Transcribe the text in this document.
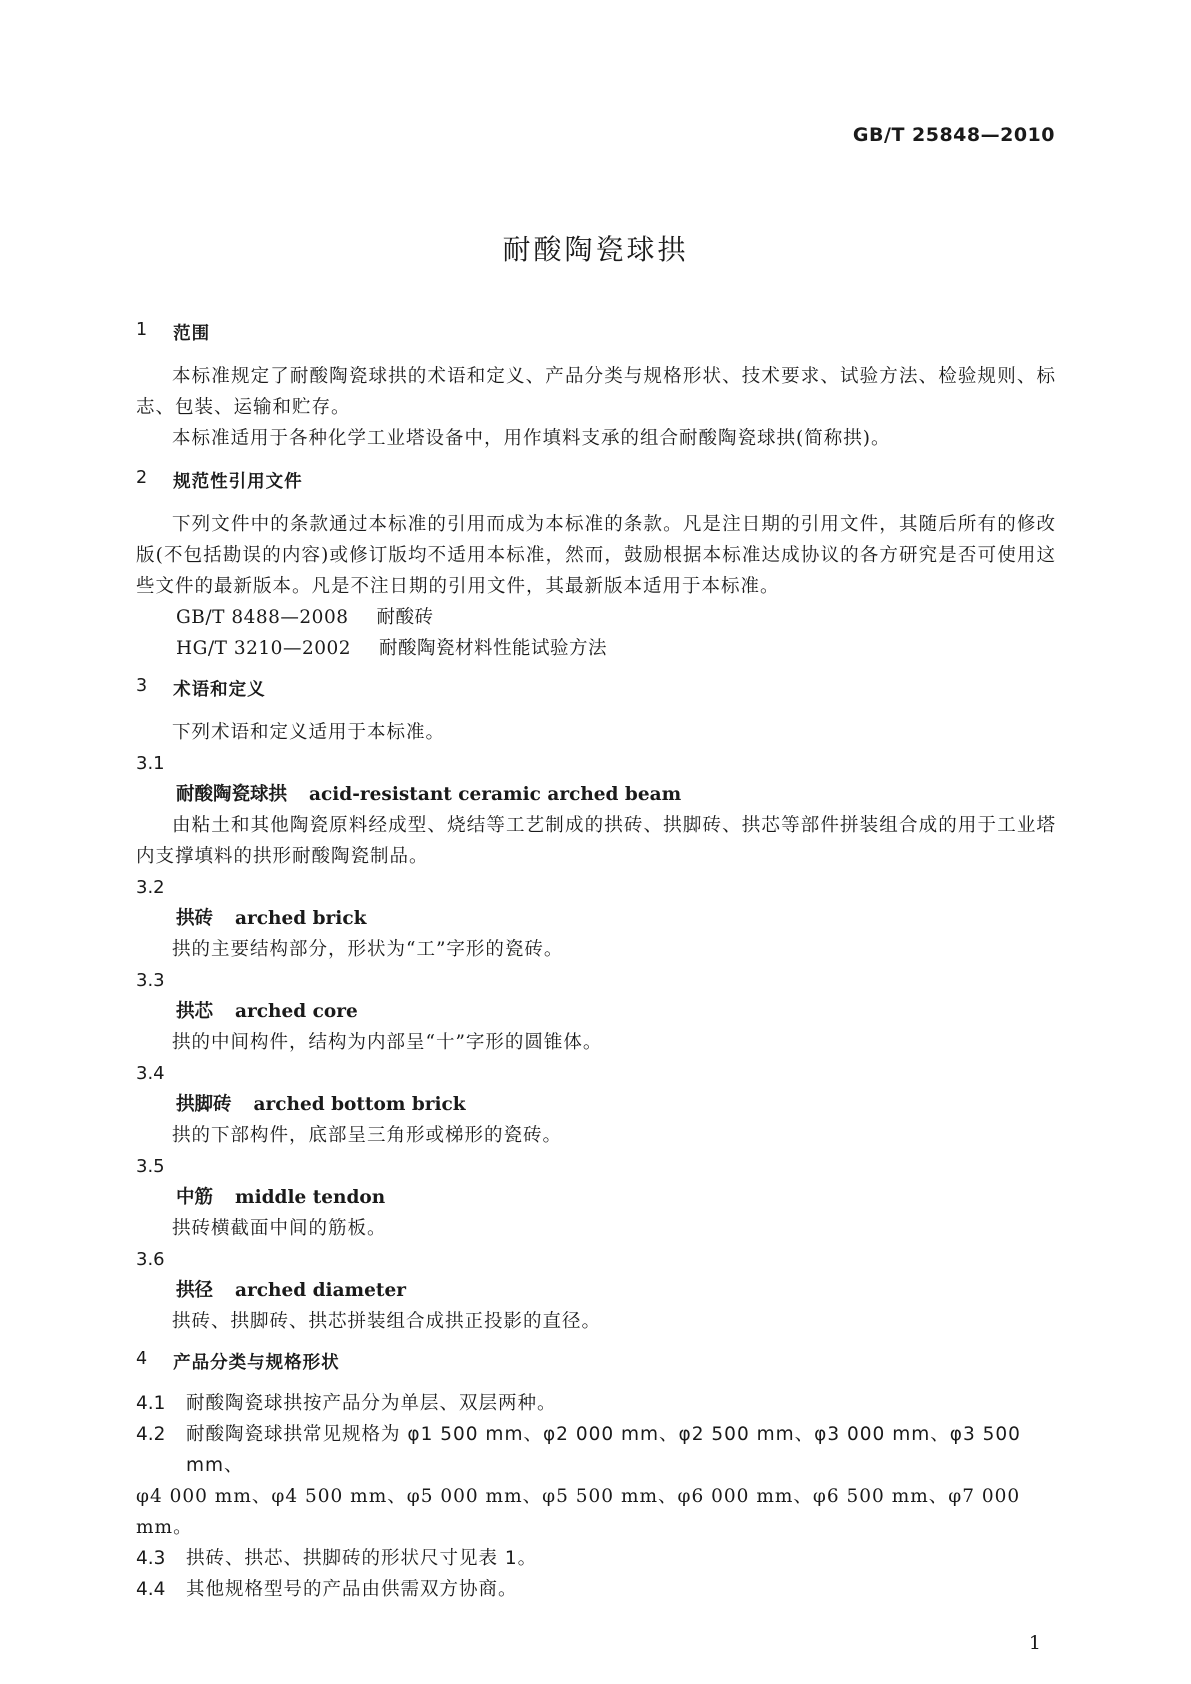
GB/T 25848—2010
耐酸陶瓷球拱
1 范围

本标准规定了耐酸陶瓷球拱的术语和定义、产品分类与规格形状、技术要求、试验方法、检验规则、标志、包装、运输和贮存。

本标准适用于各种化学工业塔设备中，用作填料支承的组合耐酸陶瓷球拱(简称拱)。

2 规范性引用文件

下列文件中的条款通过本标准的引用而成为本标准的条款。凡是注日期的引用文件，其随后所有的修改版(不包括勘误的内容)或修订版均不适用本标准，然而，鼓励根据本标准达成协议的各方研究是否可使用这些文件的最新版本。凡是不注日期的引用文件，其最新版本适用于本标准。

GB/T 8488—2008 耐酸砖

HG/T 3210—2002 耐酸陶瓷材料性能试验方法

3 术语和定义

下列术语和定义适用于本标准。

3.1

耐酸陶瓷球拱 acid-resistant ceramic arched beam

由粘土和其他陶瓷原料经成型、烧结等工艺制成的拱砖、拱脚砖、拱芯等部件拼装组合成的用于工业塔内支撑填料的拱形耐酸陶瓷制品。

3.2

拱砖 arched brick

拱的主要结构部分，形状为“工”字形的瓷砖。

3.3

拱芯 arched core

拱的中间构件，结构为内部呈“十”字形的圆锥体。

3.4

拱脚砖 arched bottom brick

拱的下部构件，底部呈三角形或梯形的瓷砖。

3.5

中筋 middle tendon

拱砖横截面中间的筋板。

3.6

拱径 arched diameter

拱砖、拱脚砖、拱芯拼装组合成拱正投影的直径。

4 产品分类与规格形状
4.1	耐酸陶瓷球拱按产品分为单层、双层两种。
4.2	耐酸陶瓷球拱常见规格为 φ1 500 mm、φ2 000 mm、φ2 500 mm、φ3 000 mm、φ3 500 mm、

φ4 000 mm、φ4 500 mm、φ5 000 mm、φ5 500 mm、φ6 000 mm、φ6 500 mm、φ7 000 mm。

4.3	拱砖、拱芯、拱脚砖的形状尺寸见表 1。
4.4	其他规格型号的产品由供需双方协商。
1
